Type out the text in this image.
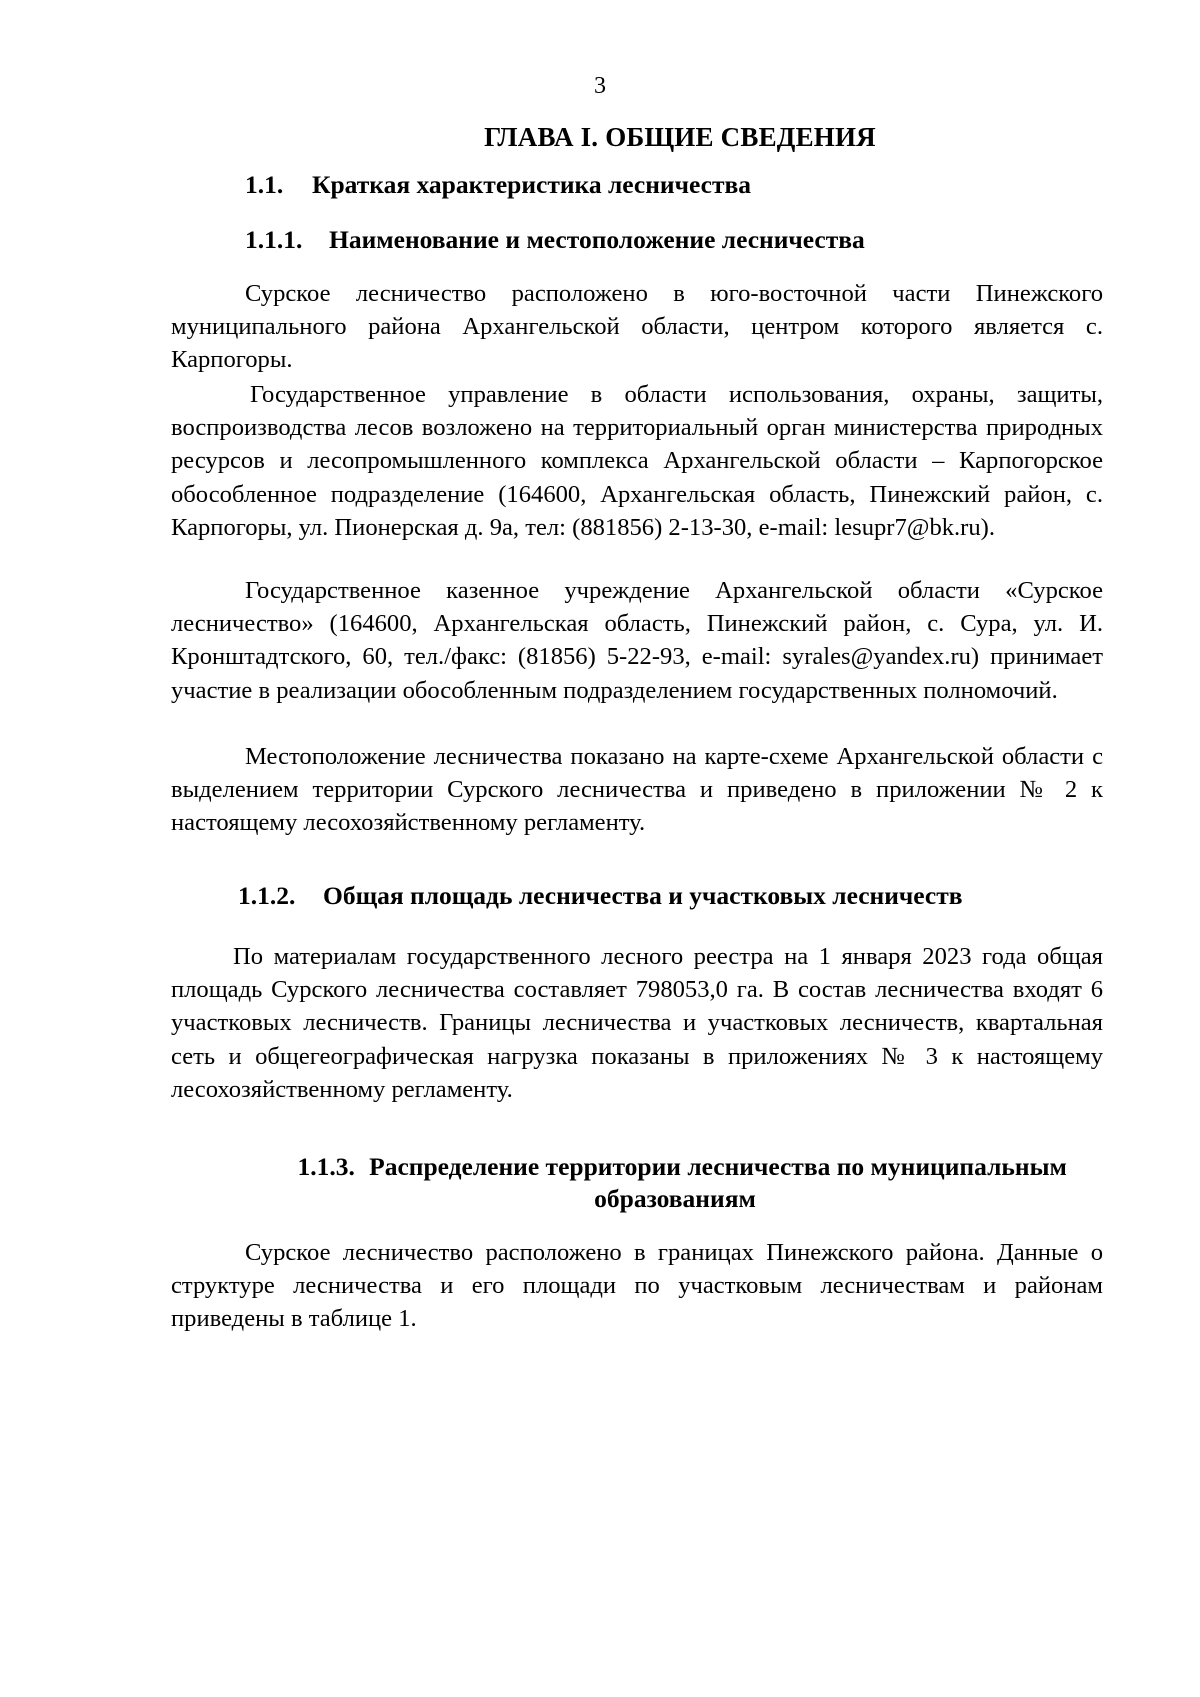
3
ГЛАВА I. ОБЩИЕ СВЕДЕНИЯ
1.1. Краткая характеристика лесничества
1.1.1. Наименование и местоположение лесничества

Сурское лесничество расположено в юго-восточной части Пинежского муниципального района Архангельской области, центром которого является с. Карпогоры.

Государственное управление в области использования, охраны, защиты, воспроизводства лесов возложено на территориальный орган министерства природных ресурсов и лесопромышленного комплекса Архангельской области – Карпогорское обособленное подразделение (164600, Архангельская область, Пинежский район, с. Карпогоры, ул. Пионерская д. 9а, тел: (881856) 2-13-30, e-mail: lesupr7@bk.ru).

Государственное казенное учреждение Архангельской области «Сурское лесничество» (164600, Архангельская область, Пинежский район, с. Сура, ул. И. Кронштадтского, 60, тел./факс: (81856) 5-22-93, e-mail: syrales@yandex.ru) принимает участие в реализации обособленным подразделением государственных полномочий.

Местоположение лесничества показано на карте-схеме Архангельской области с выделением территории Сурского лесничества и приведено в приложении № 2 к настоящему лесохозяйственному регламенту.

1.1.2. Общая площадь лесничества и участковых лесничеств

По материалам государственного лесного реестра на 1 января 2023 года общая площадь Сурского лесничества составляет 798053,0 га. В состав лесничества входят 6 участковых лесничеств. Границы лесничества и участковых лесничеств, квартальная сеть и общегеографическая нагрузка показаны в приложениях № 3 к настоящему лесохозяйственному регламенту.

1.1.3. Распределение территории лесничества по муниципальным образованиям

Сурское лесничество расположено в границах Пинежского района. Данные о структуре лесничества и его площади по участковым лесничествам и районам приведены в таблице 1.
